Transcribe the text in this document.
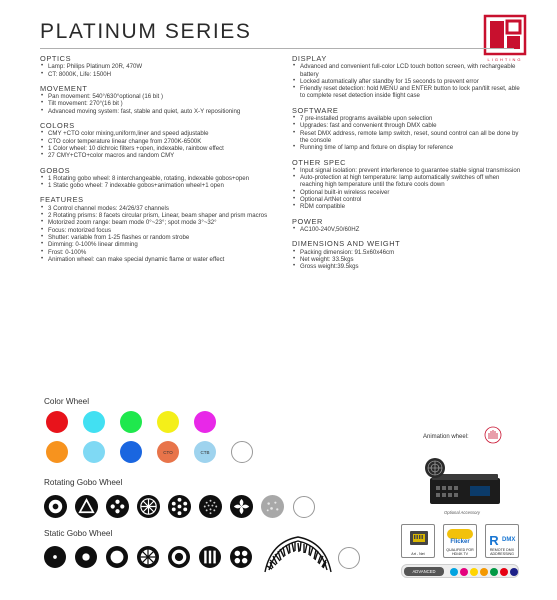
PLATINUM SERIES
LIGHTING
OPTICS
• Lamp: Philips Platinum 20R, 470W
• CT: 8000K, Life: 1500H
MOVEMENT
• Pan movement: 540°/630°optional (16 bit )
• Tilt movement: 270°(16 bit )
• Advanced moving system: fast, stable and quiet, auto X-Y repositioning
COLORS
• CMY +CTO color mixing,uniform,liner and speed adjustable
• CTO color temperature linear change from 2700K-6500K
• 1 Color wheel: 10 dichroic filters +open, indexable, rainbow effect
• 27 CMY+CTO+color macros and random CMY
GOBOS
• 1 Rotating gobo wheel: 8 interchangeable, rotating, indexable gobos+open
• 1 Static gobo wheel: 7 indexable gobos+animation wheel+1 open
FEATURES
• 3 Control channel modes: 24/26/37 channels
• 2 Rotating prisms: 8 facets circular prism, Linear, beam shaper and prism macros
• Motorized zoom range: beam mode 0°~23°; spot mode 3°~32°
• Focus: motorized focus
• Shutter: variable from 1-25 flashes or random strobe
• Dimming: 0-100% linear dimming
• Frost: 0-100%
• Animation wheel: can make special dynamic flame or water effect
DISPLAY
• Advanced and convenient full-color LCD touch botton screen, with rechargeable battery
• Locked automatically after standby for 15 seconds to prevent error
• Friendly reset detection: hold MENU and ENTER button to lock pan/tilt reset, able to complete reset detection inside flight case
SOFTWARE
• 7 pre-installed programs available upon selection
• Upgrades: fast and convenient through DMX cable
• Reset DMX address, remote lamp switch, reset, sound control can all be done by the console
• Running time of lamp and fixture on display for reference
OTHER SPEC
• Input signal isolation: prevent interference to guarantee stable signal transmission
• Auto-protection at high temperature: lamp automatically switches off when reaching high temperature until the fixture cools down
• Optional built-in wireless receiver
• Optional ArtNet control
• RDM compatible
POWER
• AC100-240V,50/60HZ
DIMENSIONS AND WEIGHT
• Packing dimension: 91.5x60x46cm
• Net weight: 33.5kgs
• Gross weight:39.5kgs
Color Wheel
CTO	CTB
Rotating Gobo Wheel
Static Gobo Wheel
Animation wheel:
Optional Accessory
Art - Net
Flicker
QUALIFIED FOR HD/4K TV
R DMX
REMOTE DMX ADDRESSING
ADVANCED
